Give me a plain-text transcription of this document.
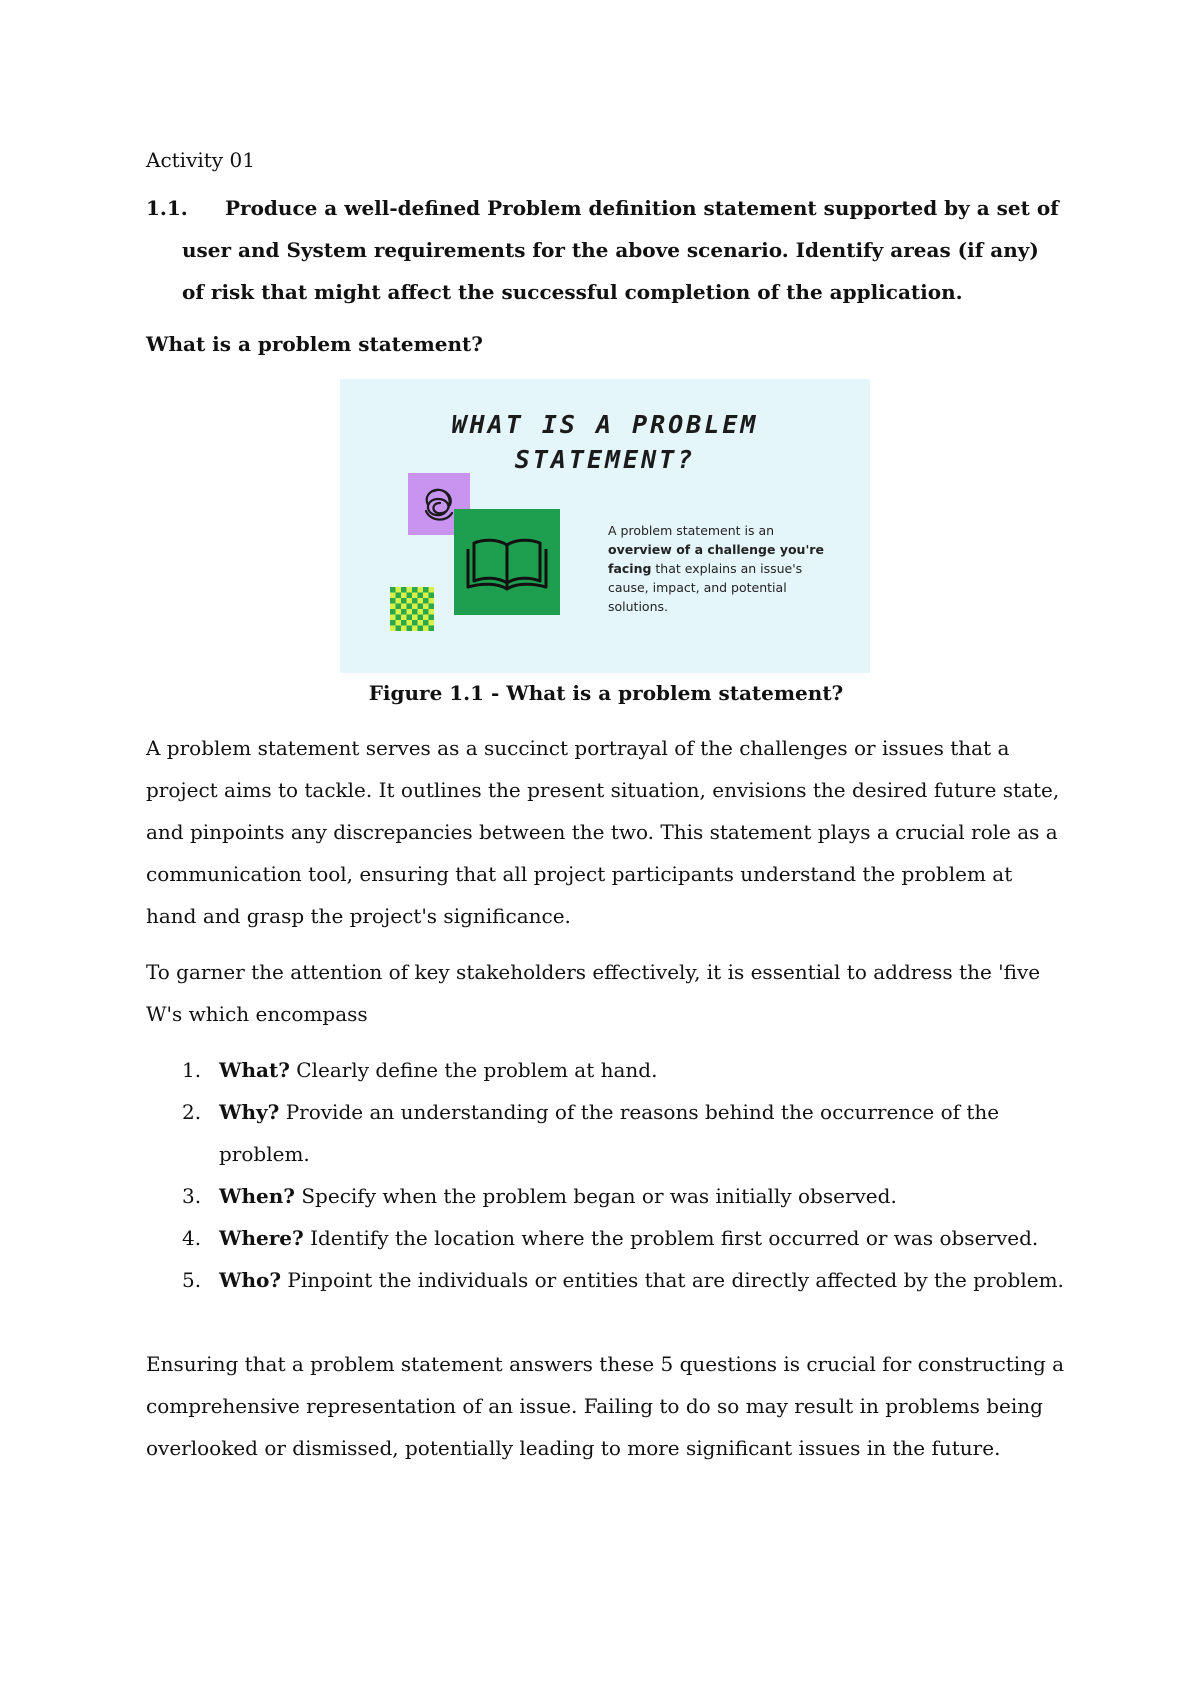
Activity 01

1.1.	Produce a well-defined Problem definition statement supported by a set of user and System requirements for the above scenario. Identify areas (if any) of risk that might affect the successful completion of the application.

What is a problem statement?

WHAT IS A PROBLEM
STATEMENT?
A problem statement is an overview of a challenge you're facing that explains an issue's cause, impact, and potential solutions.

Figure 1.1 - What is a problem statement?

A problem statement serves as a succinct portrayal of the challenges or issues that a project aims to tackle. It outlines the present situation, envisions the desired future state, and pinpoints any discrepancies between the two. This statement plays a crucial role as a communication tool, ensuring that all project participants understand the problem at hand and grasp the project's significance.

To garner the attention of key stakeholders effectively, it is essential to address the 'five W's which encompass

1. What? Clearly define the problem at hand.
2. Why? Provide an understanding of the reasons behind the occurrence of the problem.
3. When? Specify when the problem began or was initially observed.
4. Where? Identify the location where the problem first occurred or was observed.
5. Who? Pinpoint the individuals or entities that are directly affected by the problem.

Ensuring that a problem statement answers these 5 questions is crucial for constructing a comprehensive representation of an issue. Failing to do so may result in problems being overlooked or dismissed, potentially leading to more significant issues in the future.
